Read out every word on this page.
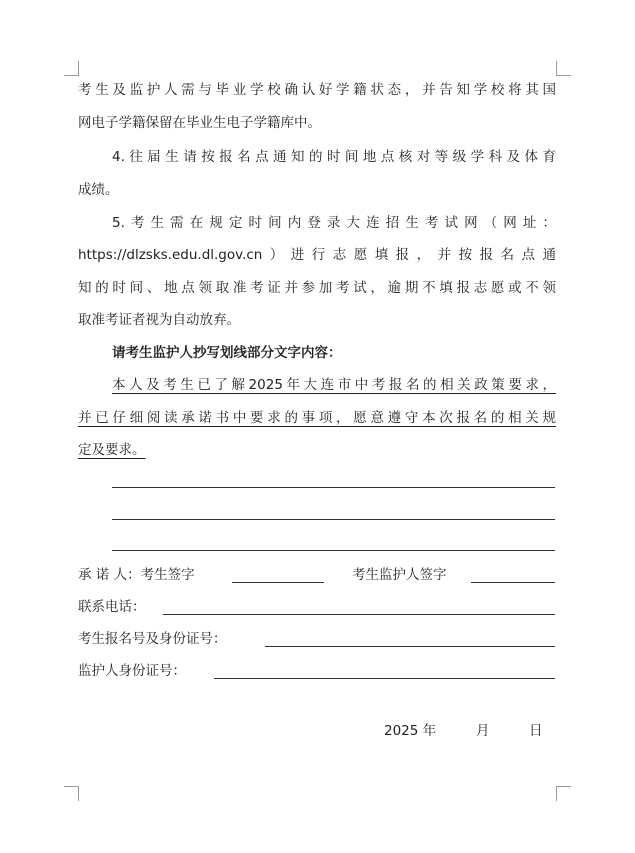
考生及监护人需与毕业学校确认好学籍状态，并告知学校将其国
网电子学籍保留在毕业生电子学籍库中。
4.往届生请按报名点通知的时间地点核对等级学科及体育
成绩。
5.考生需在规定时间内登录大连招生考试网（网址：
https://dlzsks.edu.dl.gov.cn）进行志愿填报，并按报名点通
知的时间、地点领取准考证并参加考试，逾期不填报志愿或不领
取准考证者视为自动放弃。
请考生监护人抄写划线部分文字内容：
本人及考生已了解2025年大连市中考报名的相关政策要求，
并已仔细阅读承诺书中要求的事项，愿意遵守本次报名的相关规
定及要求。
承 诺 人：考生签字	考生监护人签字
联系电话：
考生报名号及身份证号：
监护人身份证号：
2025 年	月	日
